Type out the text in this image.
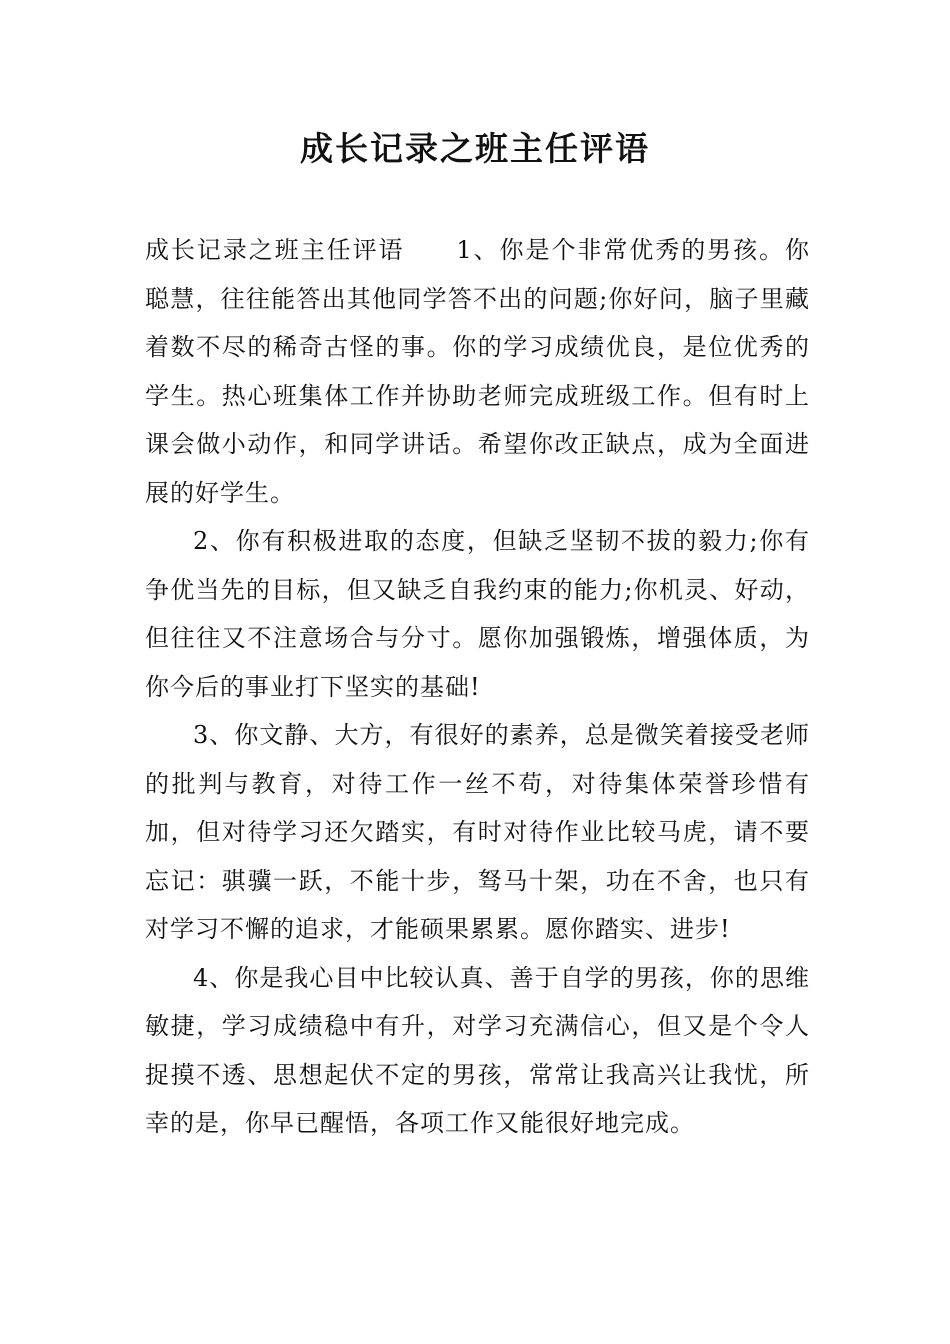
成长记录之班主任评语

成长记录之班主任评语　　1、你是个非常优秀的男孩。你聪慧，往往能答出其他同学答不出的问题;你好问，脑子里藏着数不尽的稀奇古怪的事。你的学习成绩优良，是位优秀的学生。热心班集体工作并协助老师完成班级工作。但有时上课会做小动作，和同学讲话。希望你改正缺点，成为全面进展的好学生。

2、你有积极进取的态度，但缺乏坚韧不拔的毅力;你有争优当先的目标，但又缺乏自我约束的能力;你机灵、好动，但往往又不注意场合与分寸。愿你加强锻炼，增强体质，为你今后的事业打下坚实的基础!

3、你文静、大方，有很好的素养，总是微笑着接受老师的批判与教育，对待工作一丝不苟，对待集体荣誉珍惜有加，但对待学习还欠踏实，有时对待作业比较马虎，请不要忘记：骐骥一跃，不能十步，驽马十架，功在不舍，也只有对学习不懈的追求，才能硕果累累。愿你踏实、进步!

4、你是我心目中比较认真、善于自学的男孩，你的思维敏捷，学习成绩稳中有升，对学习充满信心，但又是个令人捉摸不透、思想起伏不定的男孩，常常让我高兴让我忧，所幸的是，你早已醒悟，各项工作又能很好地完成。
